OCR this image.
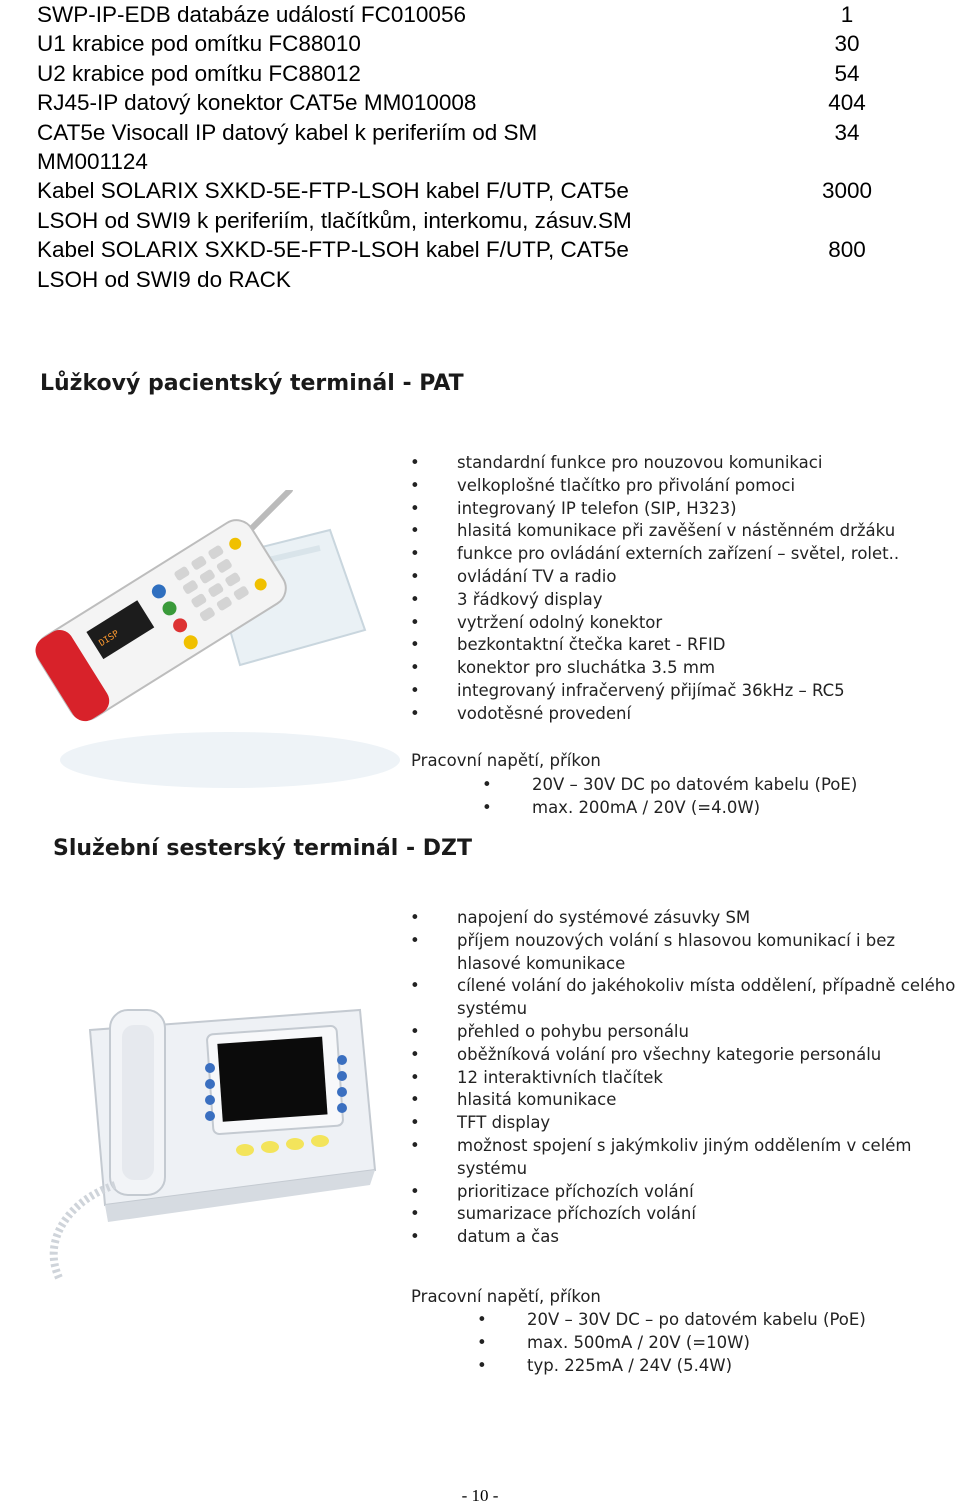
SWP-IP-EDB databáze událostí FC010056	1
U1 krabice pod omítku FC88010	30
U2 krabice pod omítku FC88012	54
RJ45-IP datový konektor CAT5e MM010008	404
CAT5e Visocall IP datový kabel k periferiím od SM	34
MM001124
Kabel SOLARIX SXKD-5E-FTP-LSOH kabel F/UTP, CAT5e	3000
LSOH od SWI9 k periferiím, tlačítkům, interkomu, zásuv.SM
Kabel SOLARIX SXKD-5E-FTP-LSOH kabel F/UTP, CAT5e	800
LSOH od SWI9 do RACK
Lůžkový pacientský terminál - PAT
DISP
• standardní funkce pro nouzovou komunikaci
• velkoplošné tlačítko pro přivolání pomoci
• integrovaný IP telefon (SIP, H323)
• hlasitá komunikace při zavěšení v nástěnném držáku
• funkce pro ovládání externích zařízení – světel, rolet..
• ovládání TV a radio
• 3 řádkový display
• vytržení odolný konektor
• bezkontaktní čtečka karet - RFID
• konektor pro sluchátka 3.5 mm
• integrovaný infračervený přijímač 36kHz – RC5
• vodotěsné provedení
Pracovní napětí, příkon
• 20V – 30V DC po datovém kabelu (PoE)
• max. 200mA / 20V (=4.0W)
Služební sesterský terminál - DZT
• napojení do systémové zásuvky SM
• příjem nouzových volání s hlasovou komunikací i bez
hlasové komunikace
• cílené volání do jakéhokoliv místa oddělení, případně celého
systému
• přehled o pohybu personálu
• oběžníková volání pro všechny kategorie personálu
• 12 interaktivních tlačítek
• hlasitá komunikace
• TFT display
• možnost spojení s jakýmkoliv jiným oddělením v celém
systému
• prioritizace příchozích volání
• sumarizace příchozích volání
• datum a čas
Pracovní napětí, příkon
• 20V – 30V DC – po datovém kabelu (PoE)
• max. 500mA / 20V (=10W)
• typ. 225mA / 24V (5.4W)
- 10 -
